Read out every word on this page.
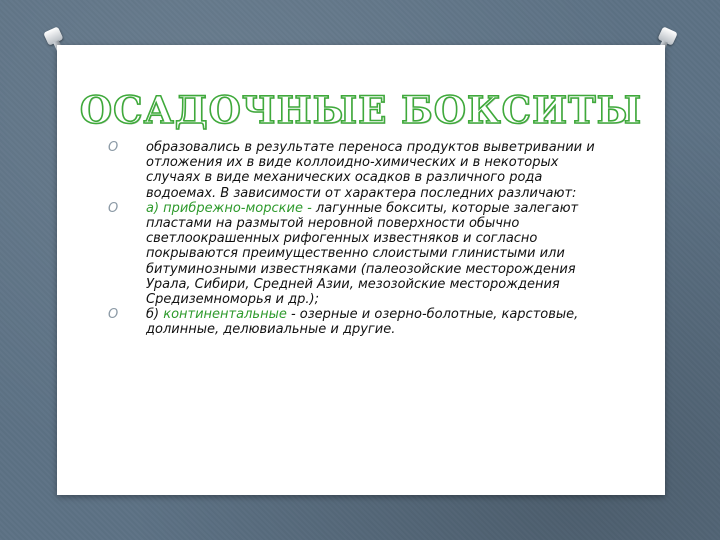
ОСАДОЧНЫЕ БОКСИТЫ
O образовались в результате переноса продуктов выветривании и отложения их в виде коллоидно-химических и в некоторых случаях в виде механических осадков в различного рода водоемах. В зависимости от характера последних различают:
O а) прибрежно-морские - лагунные бокситы, которые залегают пластами на размытой неровной поверхности обычно светлоокрашенных рифогенных известняков и согласно покрываются преимущественно слоистыми глинистыми или битуминозными известняками (палеозойские месторождения Урала, Сибири, Средней Азии, мезозойские месторождения Средиземноморья и др.);
O б) континентальные - озерные и озерно-болотные, карстовые, долинные, делювиальные и другие.
